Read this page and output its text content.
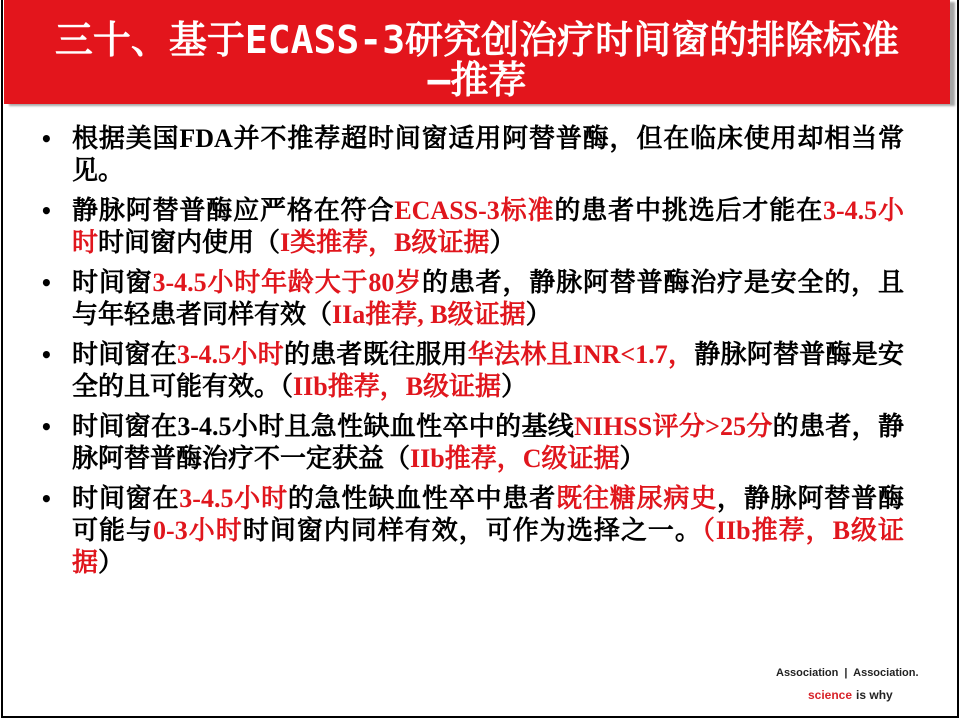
三十、基于ECASS-3研究创治疗时间窗的排除标准
—推荐
• 根据美国FDA并不推荐超时间窗适用阿替普酶，但在临床使用却相当常见。
• 静脉阿替普酶应严格在符合ECASS-3标准的患者中挑选后才能在3-4.5小时时间窗内使用（I类推荐，B级证据）
• 时间窗3-4.5小时年龄大于80岁的患者，静脉阿替普酶治疗是安全的，且与年轻患者同样有效（IIa推荐, B级证据）
• 时间窗在3-4.5小时的患者既往服用华法林且INR<1.7，静脉阿替普酶是安全的且可能有效。（IIb推荐，B级证据）
• 时间窗在3-4.5小时且急性缺血性卒中的基线NIHSS评分>25分的患者，静脉阿替普酶治疗不一定获益（IIb推荐，C级证据）
• 时间窗在3-4.5小时的急性缺血性卒中患者既往糖尿病史，静脉阿替普酶可能与0-3小时时间窗内同样有效，可作为选择之一。（IIb推荐，B级证据）
Association | Association.
science is why
